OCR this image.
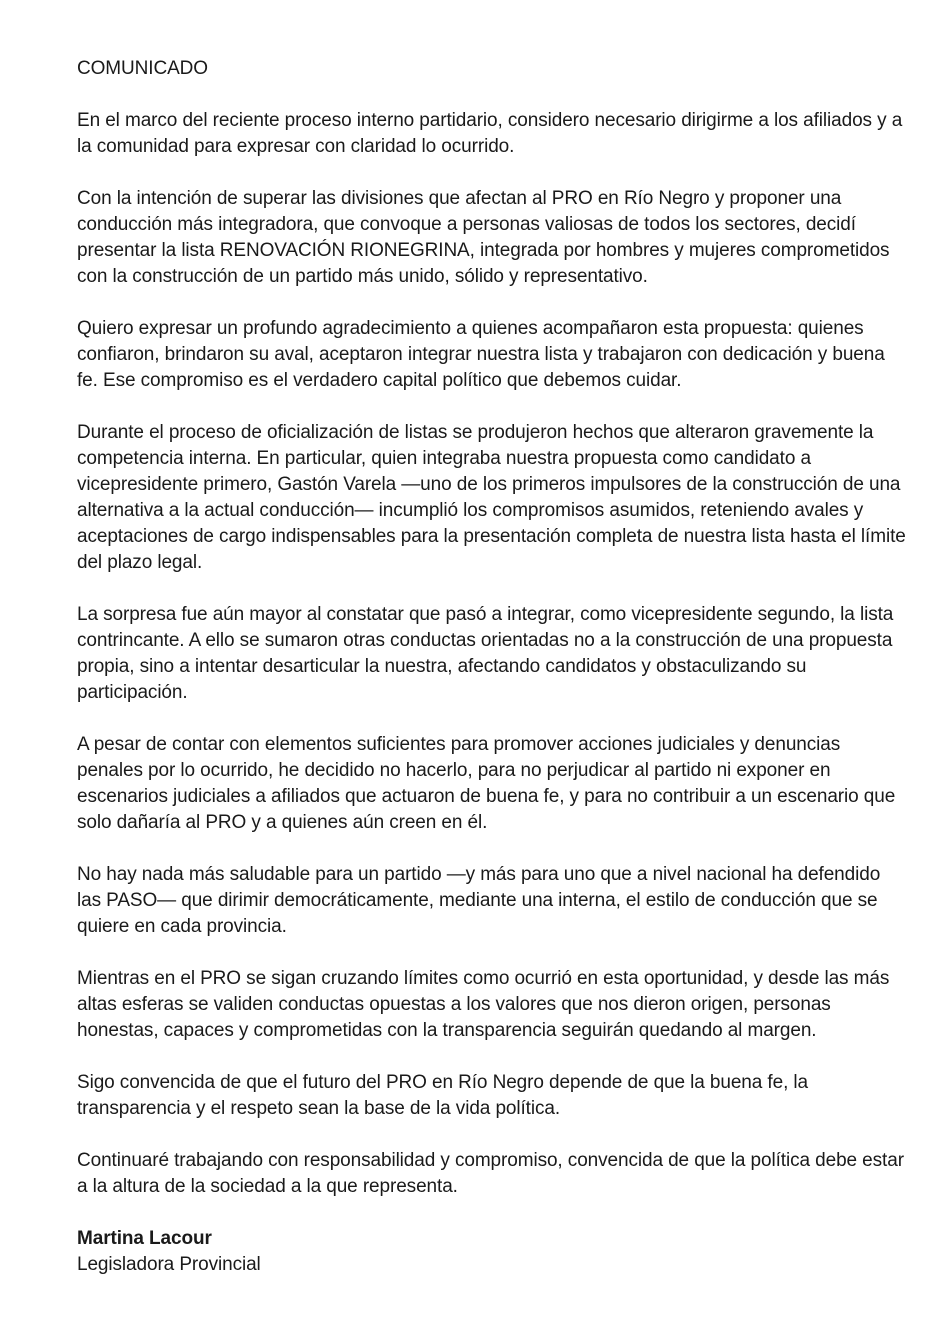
COMUNICADO

En el marco del reciente proceso interno partidario, considero necesario dirigirme a los afiliados y a la comunidad para expresar con claridad lo ocurrido.

Con la intención de superar las divisiones que afectan al PRO en Río Negro y proponer una conducción más integradora, que convoque a personas valiosas de todos los sectores, decidí presentar la lista RENOVACIÓN RIONEGRINA, integrada por hombres y mujeres comprometidos con la construcción de un partido más unido, sólido y representativo.

Quiero expresar un profundo agradecimiento a quienes acompañaron esta propuesta: quienes confiaron, brindaron su aval, aceptaron integrar nuestra lista y trabajaron con dedicación y buena fe. Ese compromiso es el verdadero capital político que debemos cuidar.

Durante el proceso de oficialización de listas se produjeron hechos que alteraron gravemente la competencia interna. En particular, quien integraba nuestra propuesta como candidato a vicepresidente primero, Gastón Varela —uno de los primeros impulsores de la construcción de una alternativa a la actual conducción— incumplió los compromisos asumidos, reteniendo avales y aceptaciones de cargo indispensables para la presentación completa de nuestra lista hasta el límite del plazo legal.

La sorpresa fue aún mayor al constatar que pasó a integrar, como vicepresidente segundo, la lista contrincante. A ello se sumaron otras conductas orientadas no a la construcción de una propuesta propia, sino a intentar desarticular la nuestra, afectando candidatos y obstaculizando su participación.

A pesar de contar con elementos suficientes para promover acciones judiciales y denuncias penales por lo ocurrido, he decidido no hacerlo, para no perjudicar al partido ni exponer en escenarios judiciales a afiliados que actuaron de buena fe, y para no contribuir a un escenario que solo dañaría al PRO y a quienes aún creen en él.

No hay nada más saludable para un partido —y más para uno que a nivel nacional ha defendido las PASO— que dirimir democráticamente, mediante una interna, el estilo de conducción que se quiere en cada provincia.

Mientras en el PRO se sigan cruzando límites como ocurrió en esta oportunidad, y desde las más altas esferas se validen conductas opuestas a los valores que nos dieron origen, personas honestas, capaces y comprometidas con la transparencia seguirán quedando al margen.

Sigo convencida de que el futuro del PRO en Río Negro depende de que la buena fe, la transparencia y el respeto sean la base de la vida política.

Continuaré trabajando con responsabilidad y compromiso, convencida de que la política debe estar a la altura de la sociedad a la que representa.

Martina Lacour
Legisladora Provincial
